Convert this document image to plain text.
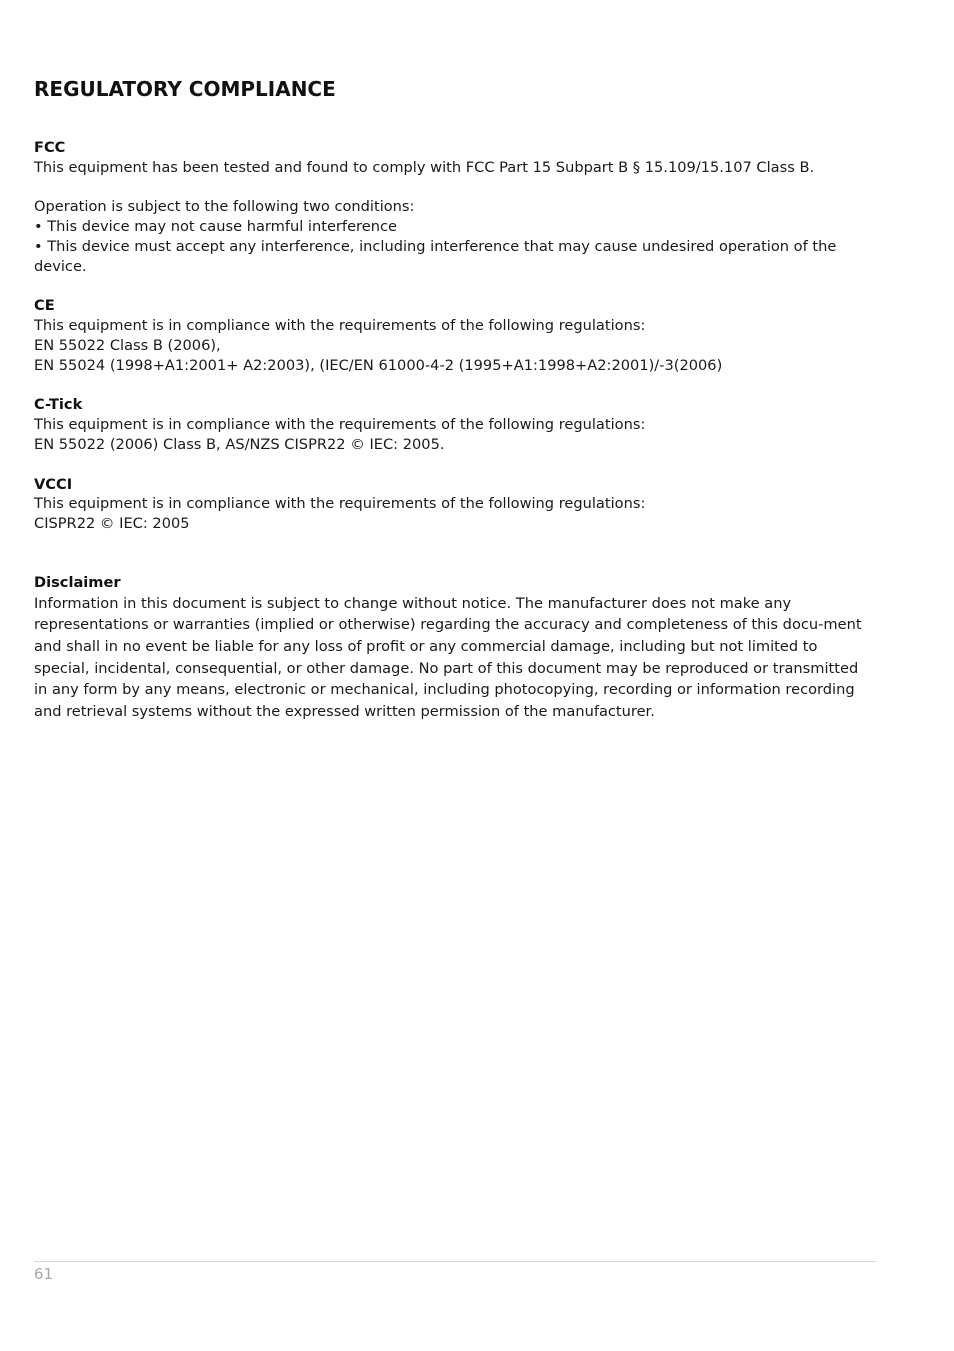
REGULATORY COMPLIANCE
FCC
This equipment has been tested and found to comply with FCC Part 15 Subpart B § 15.109/15.107 Class B.
Operation is subject to the following two conditions:
• This device may not cause harmful interference
• This device must accept any interference, including interference that may cause undesired operation of the device.
CE
This equipment is in compliance with the requirements of the following regulations:
EN 55022 Class B (2006),
EN 55024 (1998+A1:2001+ A2:2003), (IEC/EN 61000-4-2 (1995+A1:1998+A2:2001)/-3(2006)
C-Tick
This equipment is in compliance with the requirements of the following regulations:
EN 55022 (2006) Class B, AS/NZS CISPR22 © IEC: 2005.
VCCI
This equipment is in compliance with the requirements of the following regulations:
CISPR22 © IEC: 2005
Disclaimer
Information in this document is subject to change without notice. The manufacturer does not make any representations or warranties (implied or otherwise) regarding the accuracy and completeness of this docu-ment and shall in no event be liable for any loss of profit or any commercial damage, including but not limited to special, incidental, consequential, or other damage. No part of this document may be reproduced or transmitted in any form by any means, electronic or mechanical, including photocopying, recording or information recording and retrieval systems without the expressed written permission of the manufacturer.
61
